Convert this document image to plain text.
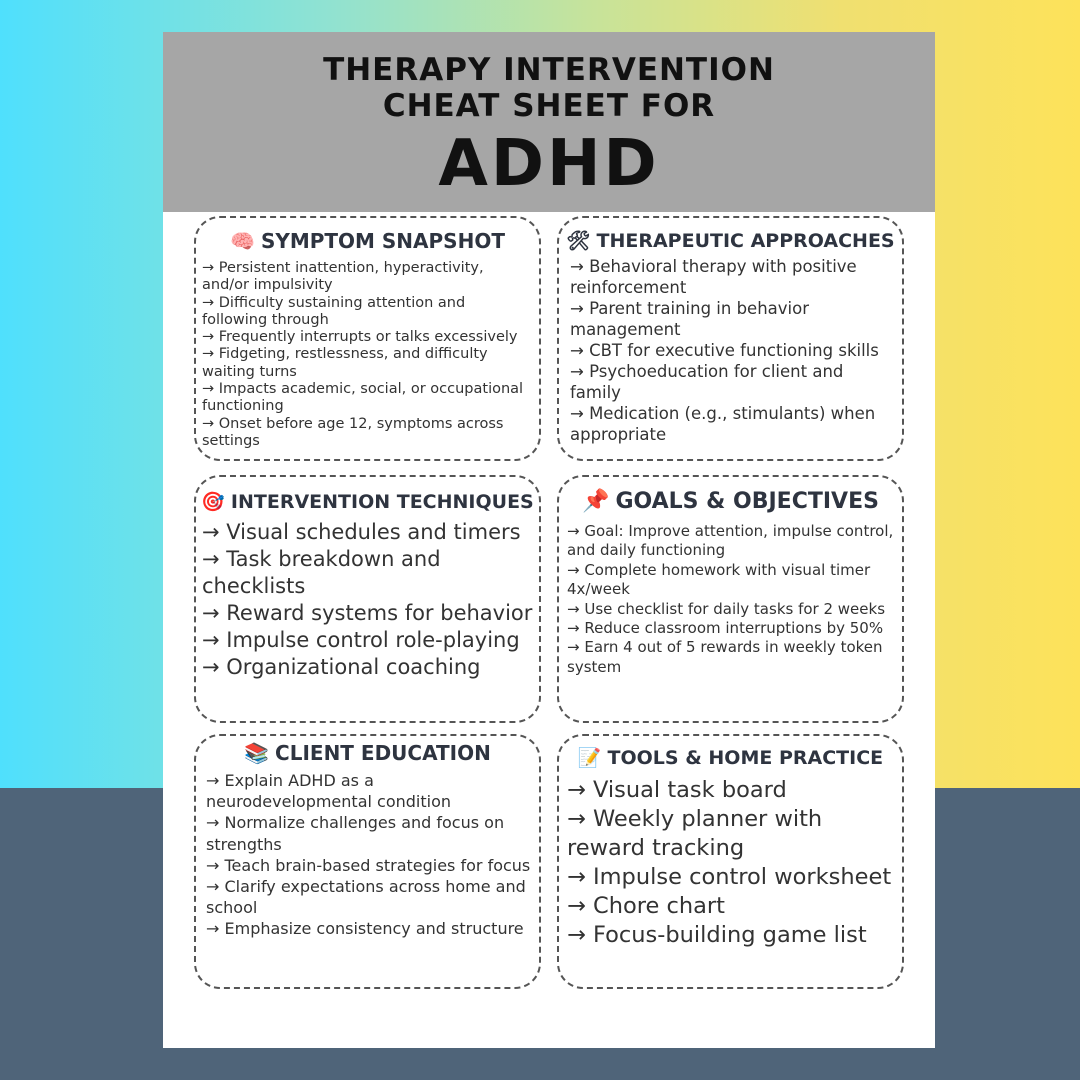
THERAPY INTERVENTION
CHEAT SHEET FOR
ADHD
🧠 SYMPTOM SNAPSHOT
→ Persistent inattention, hyperactivity, and/or impulsivity
→ Difficulty sustaining attention and following through
→ Frequently interrupts or talks excessively
→ Fidgeting, restlessness, and difficulty waiting turns
→ Impacts academic, social, or occupational functioning
→ Onset before age 12, symptoms across settings
🛠 THERAPEUTIC APPROACHES
→ Behavioral therapy with positive reinforcement
→ Parent training in behavior management
→ CBT for executive functioning skills
→ Psychoeducation for client and family
→ Medication (e.g., stimulants) when appropriate
🎯 INTERVENTION TECHNIQUES
→ Visual schedules and timers
→ Task breakdown and checklists
→ Reward systems for behavior
→ Impulse control role-playing
→ Organizational coaching
📌 GOALS & OBJECTIVES
→ Goal: Improve attention, impulse control, and daily functioning
→ Complete homework with visual timer 4x/week
→ Use checklist for daily tasks for 2 weeks
→ Reduce classroom interruptions by 50%
→ Earn 4 out of 5 rewards in weekly token system
📚 CLIENT EDUCATION
→ Explain ADHD as a neurodevelopmental condition
→ Normalize challenges and focus on strengths
→ Teach brain-based strategies for focus
→ Clarify expectations across home and school
→ Emphasize consistency and structure
📝 TOOLS & HOME PRACTICE
→ Visual task board
→ Weekly planner with reward tracking
→ Impulse control worksheet
→ Chore chart
→ Focus-building game list
